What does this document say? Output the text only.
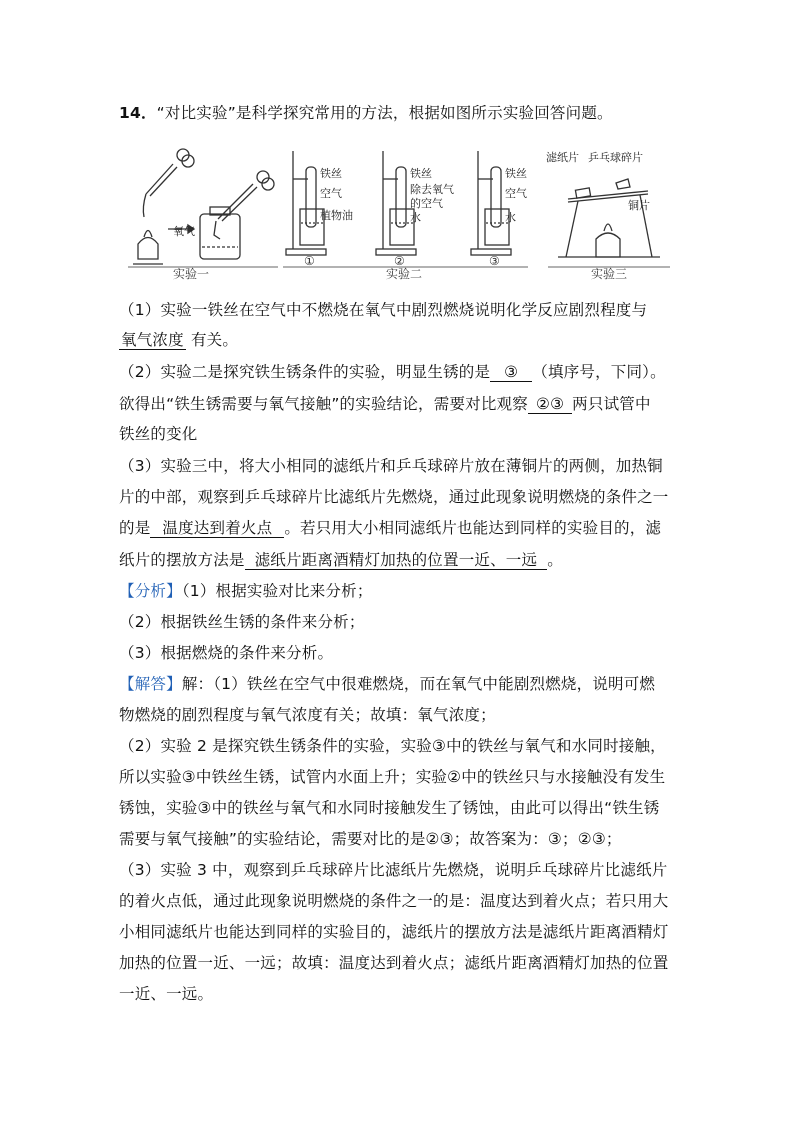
14．“对比实验”是科学探究常用的方法，根据如图所示实验回答问题。
氧气
实验一
铁丝
空气
植物油
①
铁丝
除去氧气
的空气
水
②
铁丝
空气
水
③
实验二
滤纸片 乒乓球碎片
铜片
实验三
（1）实验一铁丝在空气中不燃烧在氧气中剧烈燃烧说明化学反应剧烈程度与
氧气浓度 有关。
（2）实验二是探究铁生锈条件的实验，明显生锈的是 ③ （填序号，下同）。
欲得出“铁生锈需要与氧气接触”的实验结论，需要对比观察 ②③ 两只试管中
铁丝的变化
（3）实验三中，将大小相同的滤纸片和乒乓球碎片放在薄铜片的两侧，加热铜
片的中部，观察到乒乓球碎片比滤纸片先燃烧，通过此现象说明燃烧的条件之一
的是 温度达到着火点 。若只用大小相同滤纸片也能达到同样的实验目的，滤
纸片的摆放方法是 滤纸片距离酒精灯加热的位置一近、一远 。
【分析】（1）根据实验对比来分析；
（2）根据铁丝生锈的条件来分析；
（3）根据燃烧的条件来分析。
【解答】解：（1）铁丝在空气中很难燃烧，而在氧气中能剧烈燃烧，说明可燃
物燃烧的剧烈程度与氧气浓度有关；故填：氧气浓度；
（2）实验 2 是探究铁生锈条件的实验，实验③中的铁丝与氧气和水同时接触，
所以实验③中铁丝生锈，试管内水面上升；实验②中的铁丝只与水接触没有发生
锈蚀，实验③中的铁丝与氧气和水同时接触发生了锈蚀，由此可以得出“铁生锈
需要与氧气接触”的实验结论，需要对比的是②③；故答案为：③；②③；
（3）实验 3 中，观察到乒乓球碎片比滤纸片先燃烧，说明乒乓球碎片比滤纸片
的着火点低，通过此现象说明燃烧的条件之一的是：温度达到着火点；若只用大
小相同滤纸片也能达到同样的实验目的，滤纸片的摆放方法是滤纸片距离酒精灯
加热的位置一近、一远；故填：温度达到着火点；滤纸片距离酒精灯加热的位置
一近、一远。
